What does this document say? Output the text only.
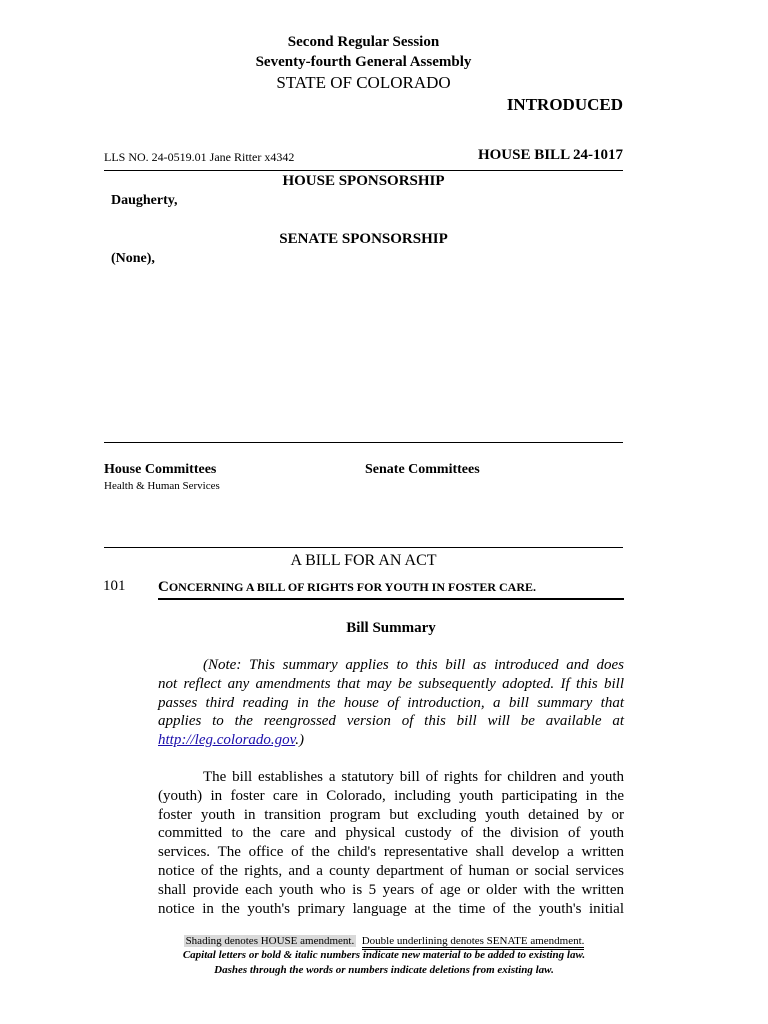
Second Regular Session
Seventy-fourth General Assembly
STATE OF COLORADO
INTRODUCED
LLS NO. 24-0519.01 Jane Ritter x4342	HOUSE BILL 24-1017
HOUSE SPONSORSHIP
Daugherty,
SENATE SPONSORSHIP
(None),
House Committees
Health & Human Services
Senate Committees
A BILL FOR AN ACT
101 CONCERNING A BILL OF RIGHTS FOR YOUTH IN FOSTER CARE.
Bill Summary
(Note: This summary applies to this bill as introduced and does
not reflect any amendments that may be subsequently adopted. If this bill
passes third reading in the house of introduction, a bill summary that
applies to the reengrossed version of this bill will be available at
http://leg.colorado.gov.)
The bill establishes a statutory bill of rights for children and youth
(youth) in foster care in Colorado, including youth participating in the
foster youth in transition program but excluding youth detained by or
committed to the care and physical custody of the division of youth
services. The office of the child's representative shall develop a written
notice of the rights, and a county department of human or social services
shall provide each youth who is 5 years of age or older with the written
notice in the youth's primary language at the time of the youth's initial
Shading denotes HOUSE amendment. Double underlining denotes SENATE amendment.
Capital letters or bold & italic numbers indicate new material to be added to existing law.
Dashes through the words or numbers indicate deletions from existing law.
